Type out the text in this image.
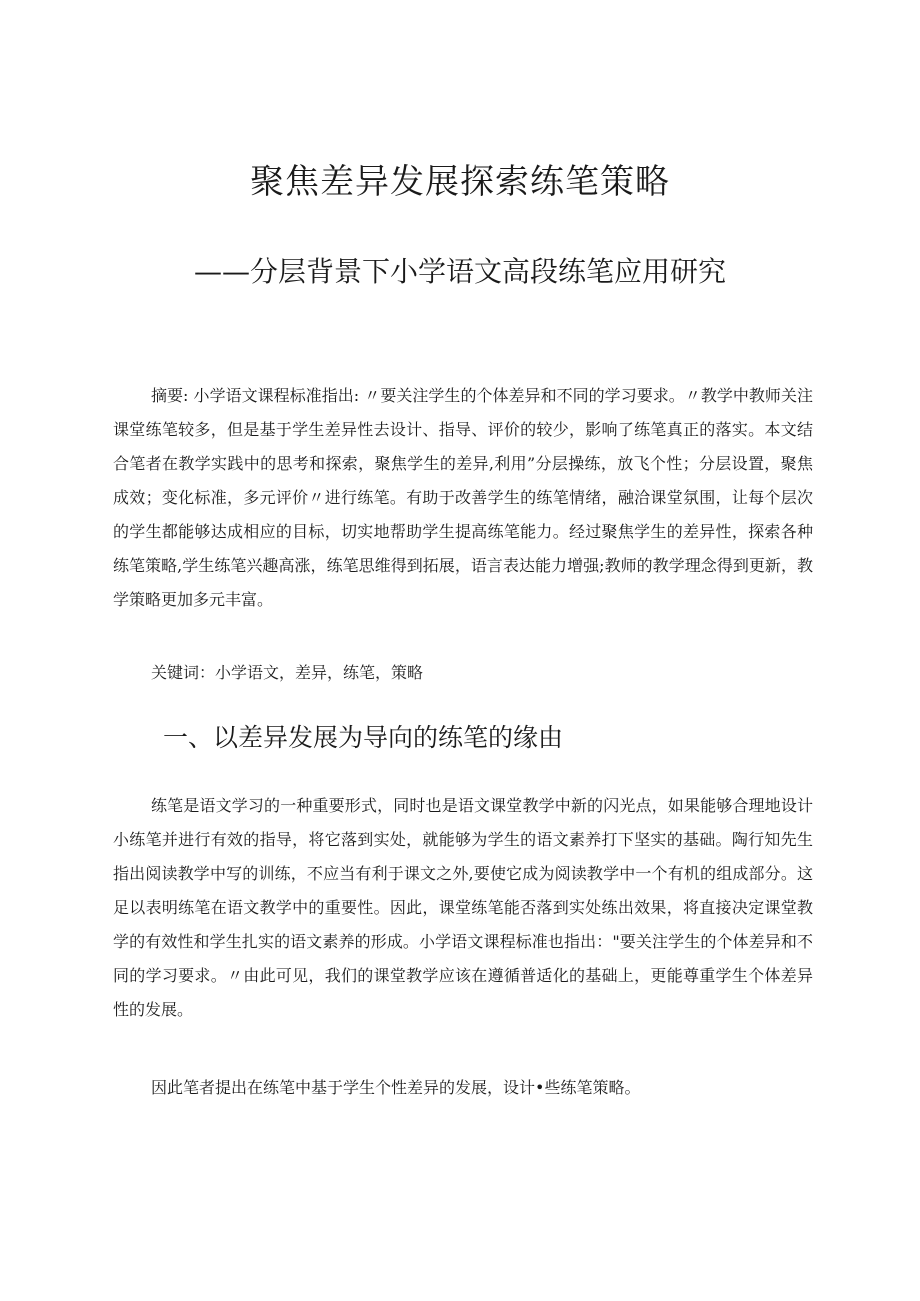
聚焦差异发展探索练笔策略
——分层背景下小学语文高段练笔应用研究

摘要: 小学语文课程标准指出: 〃要关注学生的个体差异和不同的学习要求。〃教学中教师关注课堂练笔较多，但是基于学生差异性去设计、指导、评价的较少，影响了练笔真正的落实。本文结合笔者在教学实践中的思考和探索，聚焦学生的差异,利用”分层操练，放飞个性；分层设置，聚焦成效；变化标准，多元评价〃进行练笔。有助于改善学生的练笔情绪，融洽课堂氛围，让每个层次的学生都能够达成相应的目标，切实地帮助学生提高练笔能力。经过聚焦学生的差异性，探索各种练笔策略,学生练笔兴趣高涨，练笔思维得到拓展，语言表达能力增强;教师的教学理念得到更新，教学策略更加多元丰富。

关键词：小学语文，差异，练笔，策略

一、以差异发展为导向的练笔的缘由

练笔是语文学习的一种重要形式，同时也是语文课堂教学中新的闪光点，如果能够合理地设计小练笔并进行有效的指导，将它落到实处，就能够为学生的语文素养打下坚实的基础。陶行知先生指出阅读教学中写的训练，不应当有利于课文之外,要使它成为阅读教学中一个有机的组成部分。这足以表明练笔在语文教学中的重要性。因此，课堂练笔能否落到实处练出效果，将直接决定课堂教学的有效性和学生扎实的语文素养的形成。小学语文课程标准也指出："要关注学生的个体差异和不同的学习要求。〃由此可见，我们的课堂教学应该在遵循普适化的基础上，更能尊重学生个体差异性的发展。

因此笔者提出在练笔中基于学生个性差异的发展，设计•些练笔策略。
